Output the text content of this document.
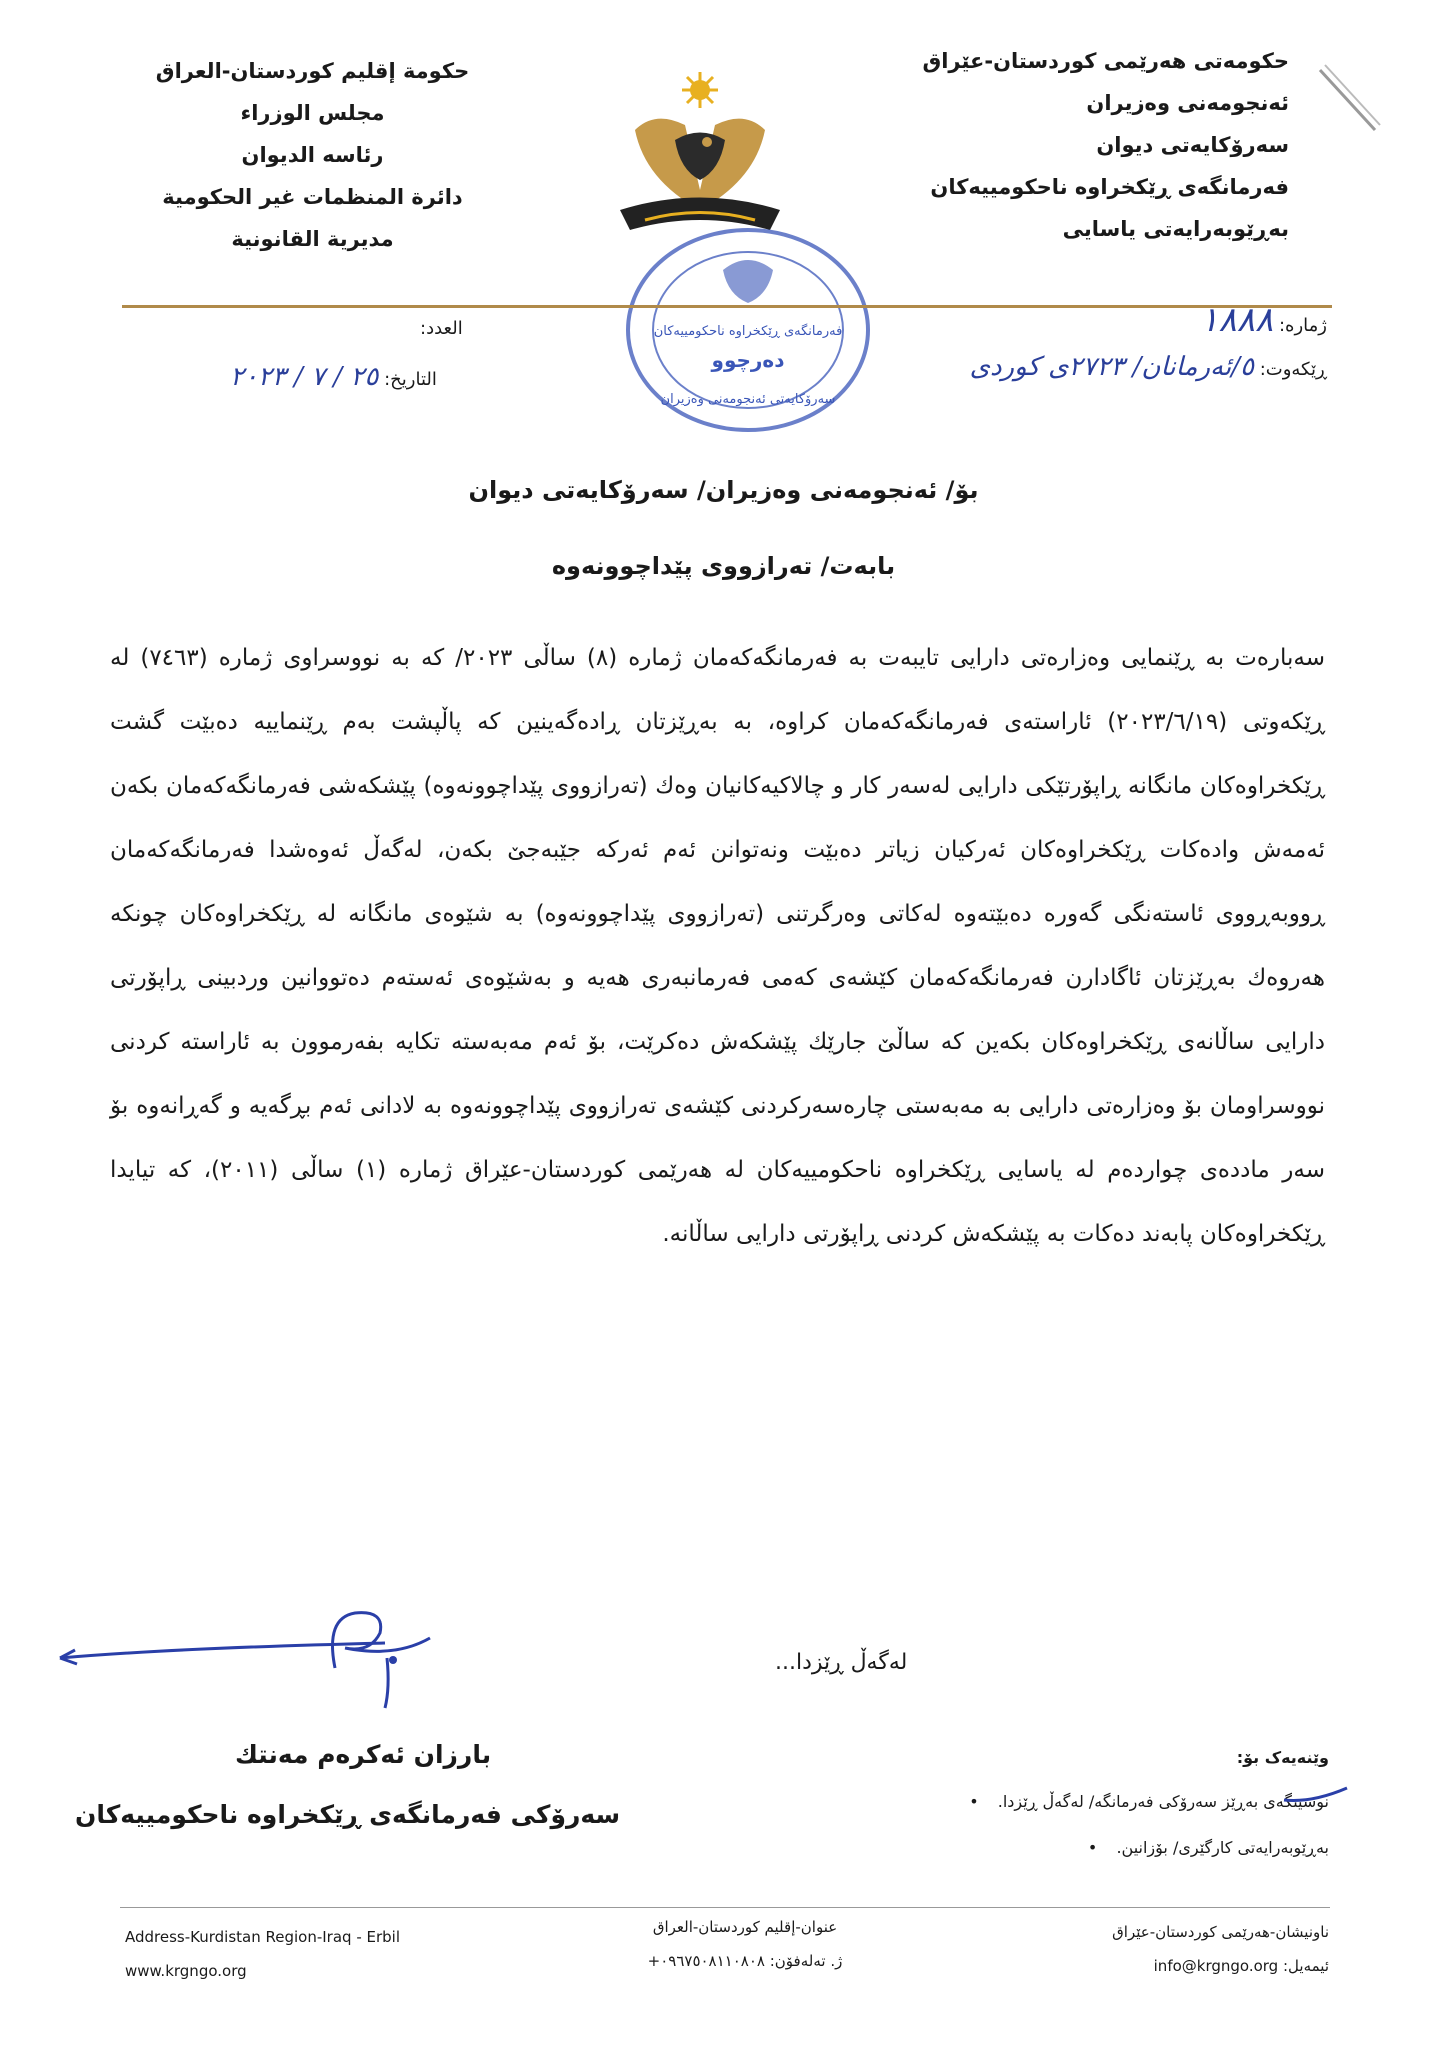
حکومەتی هەرێمی کوردستان-عێراق
ئەنجومەنی وەزیران
سەرۆکایەتی دیوان
فەرمانگەی ڕێکخراوە ناحکومییەکان
بەڕێوبەرایەتی یاسایی
حكومة إقليم كوردستان-العراق
مجلس الوزراء
رئاسه الديوان
دائرة المنظمات غير الحكومية
مديرية القانونية
فەرمانگەی ڕێکخراوە ناحکومییەکان
دەرچوو
سەرۆکایەتی ئەنجومەنی وەزیران
ژمارە: ١٨٨٨
ڕێکەوت: ٥/ئەرمانان/ ٢٧٢٣ی کوردی
العدد:
التاريخ: ٢٥ / ٧ / ٢٠٢٣
بۆ/ ئەنجومەنی وەزیران/ سەرۆکایەتی دیوان
بابەت/ تەرازووی پێداچوونەوە
سەبارەت بە ڕێنمایی وەزارەتی دارایی تایبەت بە فەرمانگەکەمان ژمارە (٨) ساڵی ٢٠٢٣/ کە بە نووسراوی ژمارە (٧٤٦٣) لە ڕێکەوتی (٢٠٢٣/٦/١٩) ئاراستەی فەرمانگەکەمان کراوە، بە بەڕێزتان ڕادەگەینین کە پاڵپشت بەم ڕێنماییە دەبێت گشت ڕێکخراوەکان مانگانە ڕاپۆرتێکی دارایی لەسەر کار و چالاکیەکانیان وەك (تەرازووی پێداچوونەوە) پێشکەشی فەرمانگەکەمان بکەن ئەمەش وادەکات ڕێکخراوەکان ئەرکیان زیاتر دەبێت ونەتوانن ئەم ئەرکە جێبەجێ بکەن، لەگەڵ ئەوەشدا فەرمانگەکەمان ڕووبەڕووی ئاستەنگی گەورە دەبێتەوە لەکاتی وەرگرتنی (تەرازووی پێداچوونەوە) بە شێوەی مانگانە لە ڕێکخراوەکان چونکە هەروەك بەڕێزتان ئاگادارن فەرمانگەکەمان کێشەی کەمی فەرمانبەری هەیە و بەشێوەی ئەستەم دەتووانین وردبینی ڕاپۆرتی دارایی ساڵانەی ڕێکخراوەکان بکەین کە ساڵێ جارێك پێشکەش دەکرێت، بۆ ئەم مەبەستە تکایە بفەرموون بە ئاراستە کردنی نووسراومان بۆ وەزارەتی دارایی بە مەبەستی چارەسەرکردنی کێشەی تەرازووی پێداچوونەوە بە لادانی ئەم بڕگەیە و گەڕانەوە بۆ سەر ماددەی چواردەم لە یاسایی ڕێکخراوە ناحکومییەکان لە هەرێمی کوردستان-عێراق ژمارە (١) ساڵی (٢٠١١)، کە تیایدا ڕێکخراوەکان پابەند دەکات بە پێشکەش کردنی ڕاپۆرتی دارایی ساڵانە.
لەگەڵ ڕێزدا...
بارزان ئەکرەم مەنتك
سەرۆکی فەرمانگەی ڕێکخراوە ناحکومییەکان
وێنەیەک بۆ:
نوسینگەی بەڕێز سەرۆکی فەرمانگە/ لەگەڵ ڕێزدا. •
بەڕێوبەرایەتی کارگێری/ بۆزانین. •
Address-Kurdistan Region-Iraq - Erbil
www.krgngo.org
عنوان-إقليم كوردستان-العراق
ژ. تەلەفۆن: ٠٩٦٧٥٠٨١١٠٨٠٨+
ناونیشان-هەرێمی کوردستان-عێراق
ئیمەیل: info@krgngo.org
